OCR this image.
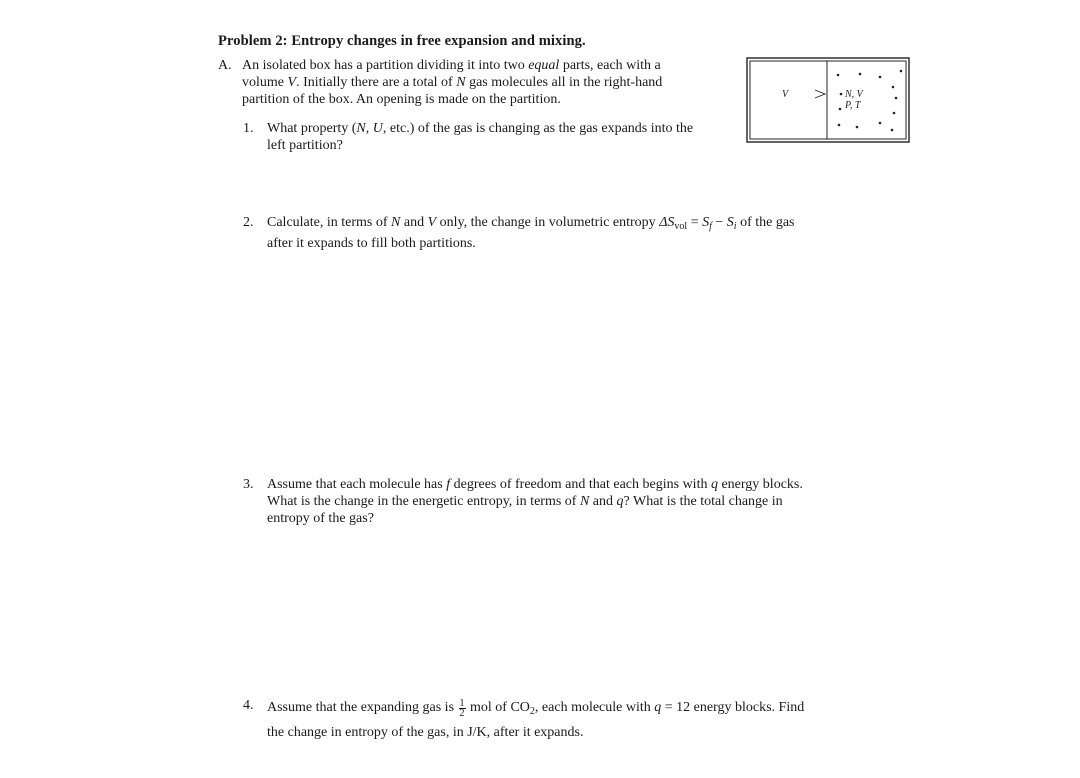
Problem 2: Entropy changes in free expansion and mixing.
A. An isolated box has a partition dividing it into two equal parts, each with a
volume V. Initially there are a total of N gas molecules all in the right-hand
partition of the box. An opening is made on the partition.	V	N, V
P, T
1. What property (N, U, etc.) of the gas is changing as the gas expands into the
left partition?
2. Calculate, in terms of N and V only, the change in volumetric entropy $\Delta S_{vol} = S_f - S_i$ of the gas
after it expands to fill both partitions.
3. Assume that each molecule has f degrees of freedom and that each begins with q energy blocks.
What is the change in the energetic entropy, in terms of N and q? What is the total change in
entropy of the gas?
4. Assume that the expanding gas is $\frac{1}{2}$ mol of $CO_2$, each molecule with q = 12 energy blocks. Find
the change in entropy of the gas, in J/K, after it expands.
